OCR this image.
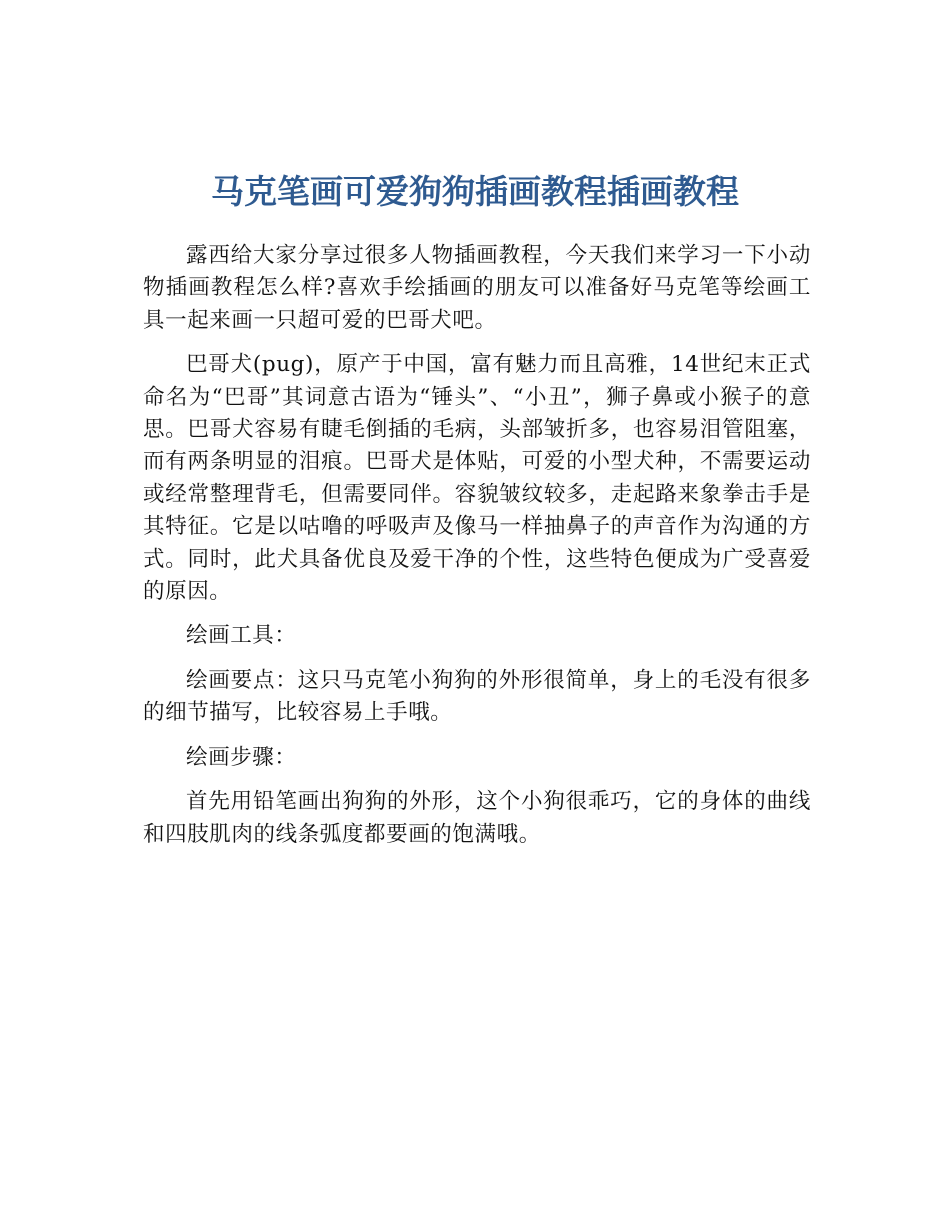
马克笔画可爱狗狗插画教程插画教程

露西给大家分享过很多人物插画教程，今天我们来学习一下小动物插画教程怎么样?喜欢手绘插画的朋友可以准备好马克笔等绘画工具一起来画一只超可爱的巴哥犬吧。

巴哥犬(pug)，原产于中国，富有魅力而且高雅，14世纪末正式命名为“巴哥”其词意古语为“锤头”、“小丑”，狮子鼻或小猴子的意思。巴哥犬容易有睫毛倒插的毛病，头部皱折多，也容易泪管阻塞，而有两条明显的泪痕。巴哥犬是体贴，可爱的小型犬种，不需要运动或经常整理背毛，但需要同伴。容貌皱纹较多，走起路来象拳击手是其特征。它是以咕噜的呼吸声及像马一样抽鼻子的声音作为沟通的方式。同时，此犬具备优良及爱干净的个性，这些特色便成为广受喜爱的原因。

绘画工具：

绘画要点：这只马克笔小狗狗的外形很简单，身上的毛没有很多的细节描写，比较容易上手哦。

绘画步骤：

首先用铅笔画出狗狗的外形，这个小狗很乖巧，它的身体的曲线和四肢肌肉的线条弧度都要画的饱满哦。
